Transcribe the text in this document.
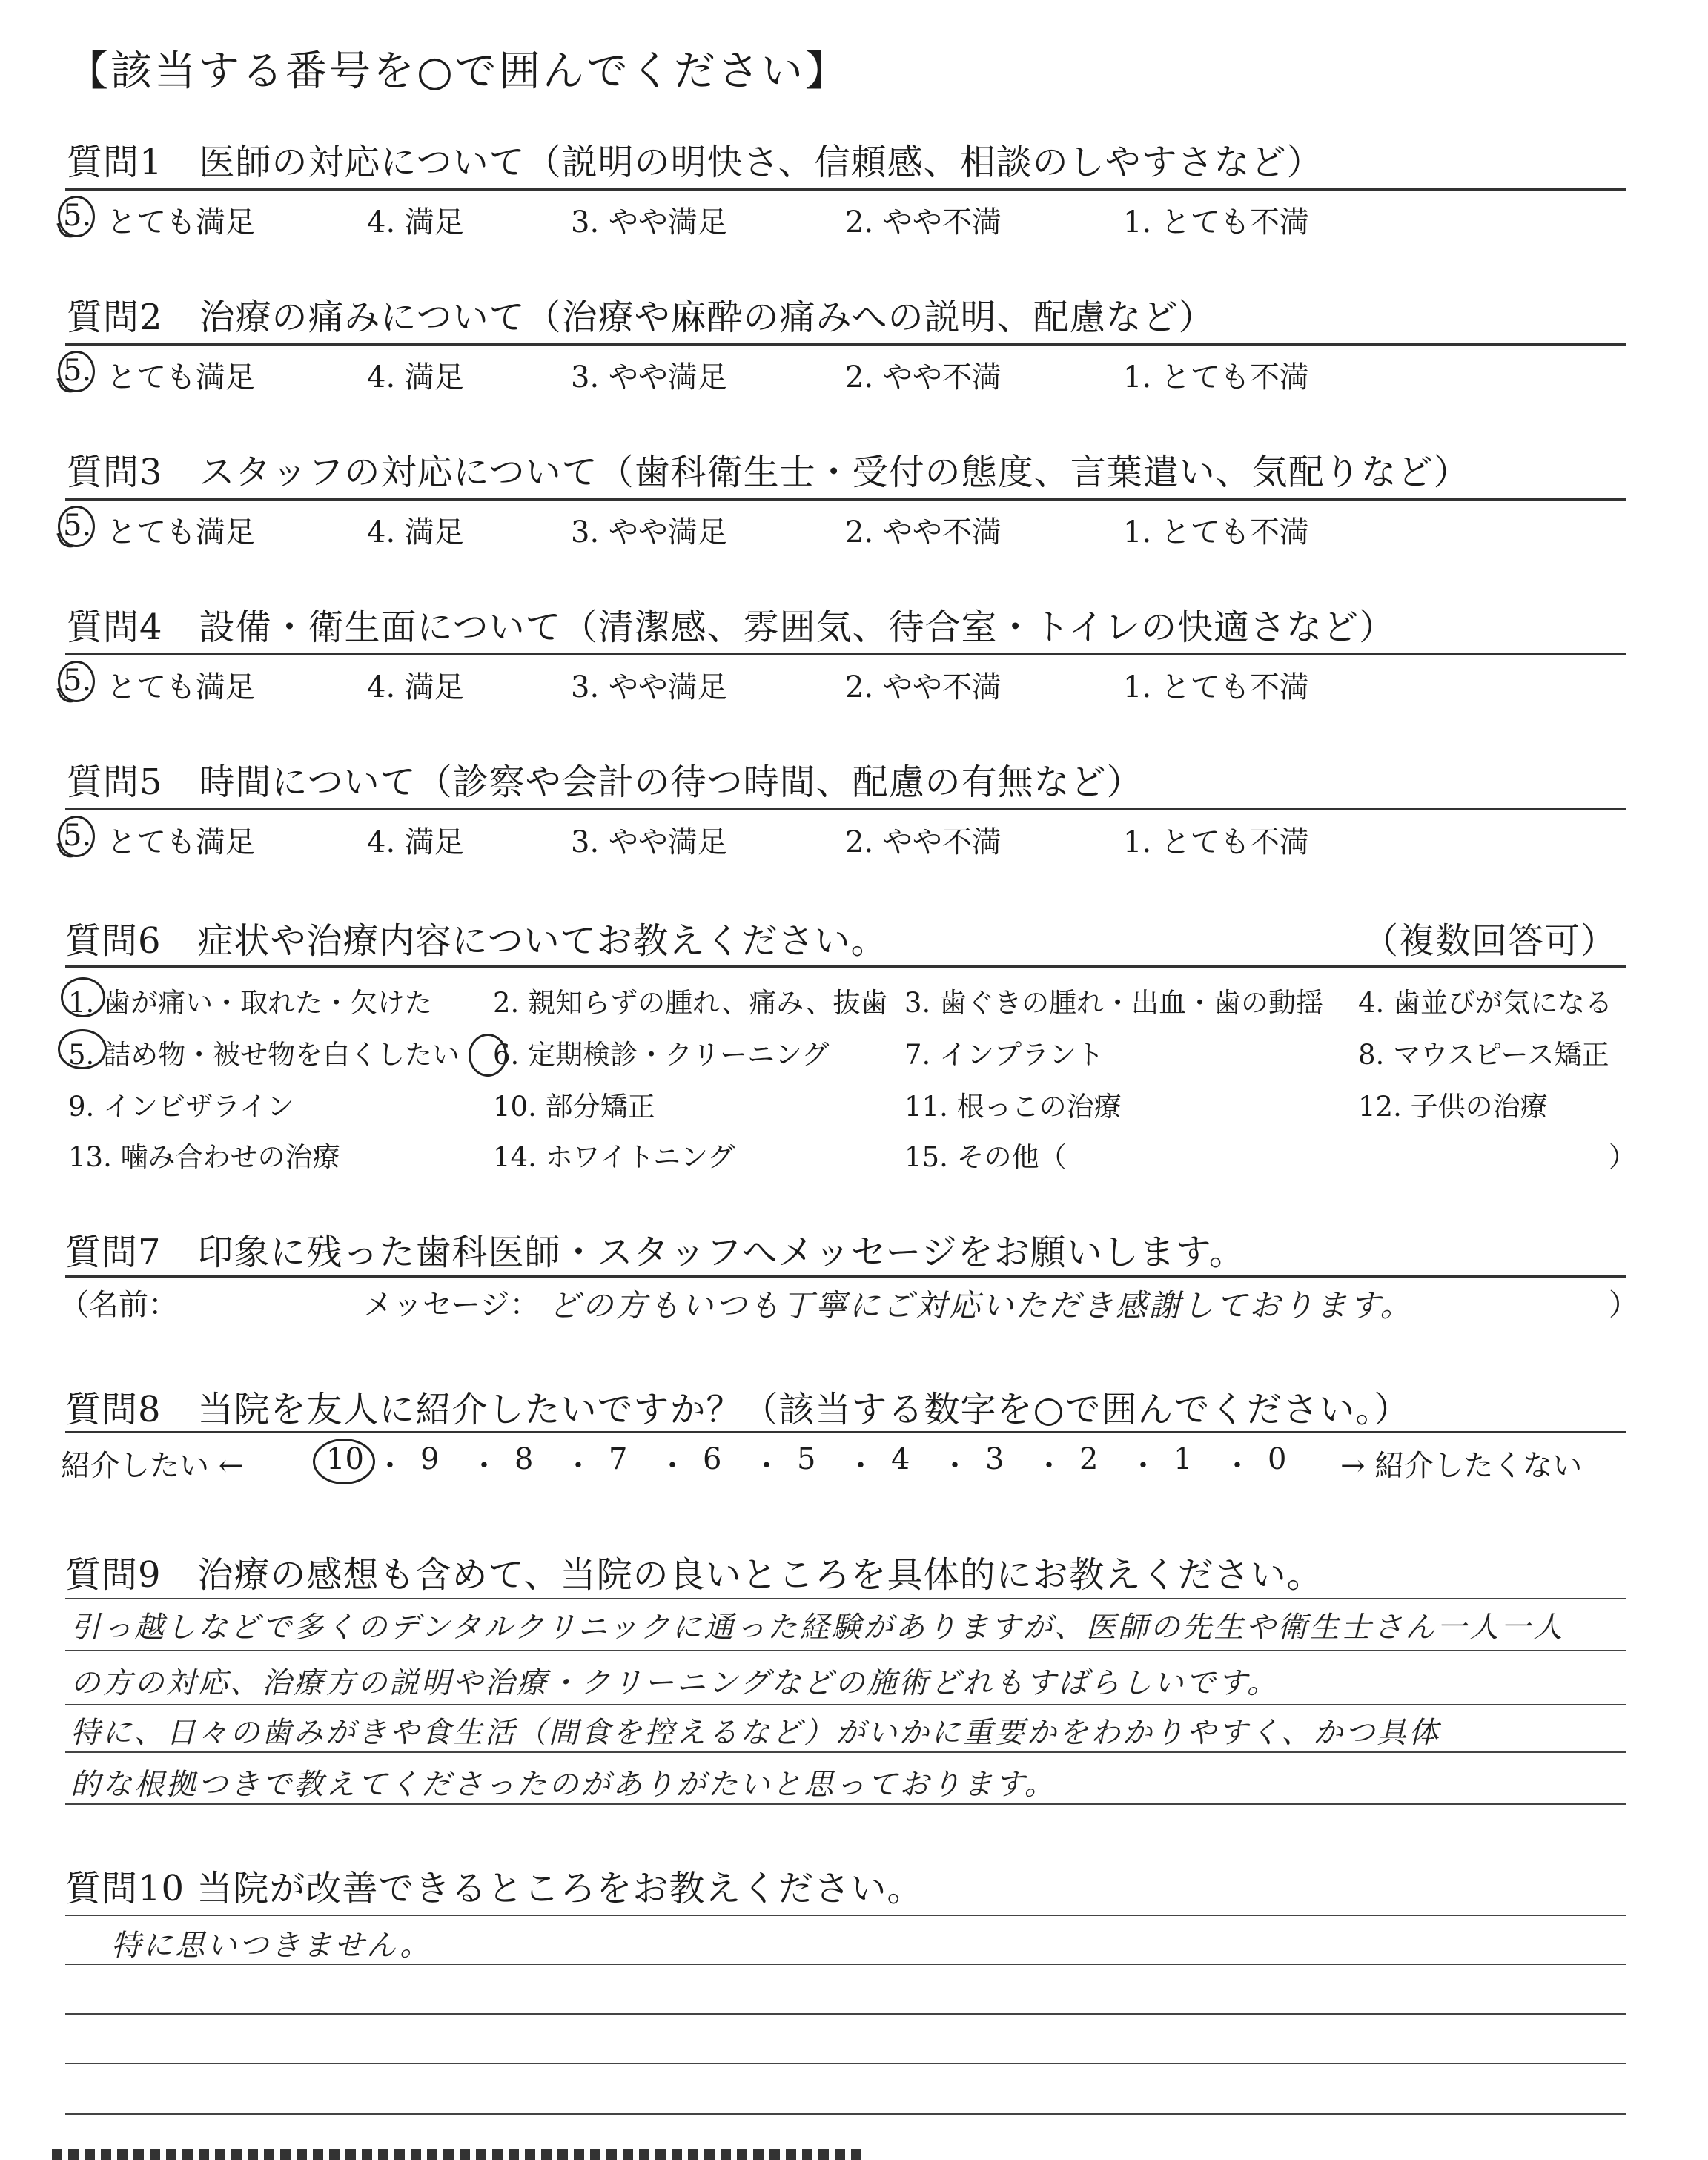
【該当する番号を○で囲んでください】
質問1　医師の対応について（説明の明快さ、信頼感、相談のしやすさなど）
5. とても満足	4. 満足	3. やや満足	2. やや不満	1. とても不満
質問2　治療の痛みについて（治療や麻酔の痛みへの説明、配慮など）
5. とても満足	4. 満足	3. やや満足	2. やや不満	1. とても不満
質問3　スタッフの対応について（歯科衛生士・受付の態度、言葉遣い、気配りなど）
5. とても満足	4. 満足	3. やや満足	2. やや不満	1. とても不満
質問4　設備・衛生面について（清潔感、雰囲気、待合室・トイレの快適さなど）
5. とても満足	4. 満足	3. やや満足	2. やや不満	1. とても不満
質問5　時間について（診察や会計の待つ時間、配慮の有無など）
5. とても満足	4. 満足	3. やや満足	2. やや不満	1. とても不満
質問6　症状や治療内容についてお教えください。	（複数回答可）
1. 歯が痛い・取れた・欠けた 2. 親知らずの腫れ、痛み、抜歯 3. 歯ぐきの腫れ・出血・歯の動揺 4. 歯並びが気になる
5. 詰め物・被せ物を白くしたい 6. 定期検診・クリーニング	7. インプラント	8. マウスピース矯正
9. インビザライン	10. 部分矯正	11. 根っこの治療	12. 子供の治療
13. 噛み合わせの治療	14. ホワイトニング	15. その他（	）
質問7　印象に残った歯科医師・スタッフへメッセージをお願いします。
（名前：	メッセージ： どの方もいつも丁寧にご対応いただき感謝しております。	）
質問8　当院を友人に紹介したいですか？（該当する数字を○で囲んでください。）
紹介したい ←	10 ・ 9 ・ 8 ・ 7 ・ 6 ・ 5 ・ 4 ・ 3 ・ 2 ・ 1 ・ 0 → 紹介したくない
質問9　治療の感想も含めて、当院の良いところを具体的にお教えください。
引っ越しなどで多くのデンタルクリニックに通った経験がありますが、医師の先生や衛生士さん一人一人
の方の対応、治療方の説明や治療・クリーニングなどの施術どれもすばらしいです。
特に、日々の歯みがきや食生活（間食を控えるなど）がいかに重要かをわかりやすく、かつ具体
的な根拠つきで教えてくださったのがありがたいと思っております。
質問10 当院が改善できるところをお教えください。
特に思いつきません。
